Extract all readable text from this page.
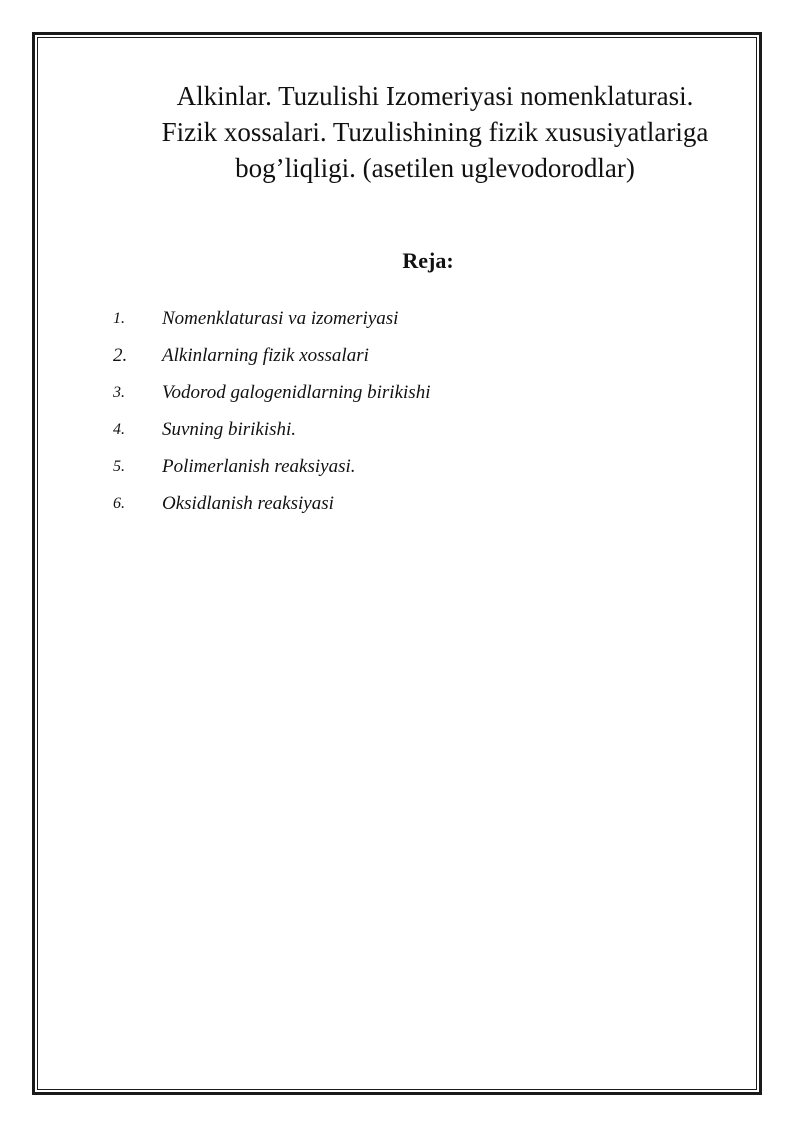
Alkinlar. Tuzulishi Izomeriyasi nomenklaturasi.
Fizik xossalari. Tuzulishining fizik xususiyatlariga
bog’liqligi. (asetilen uglevodorodlar)
Reja:
1.	Nomenklaturasi va izomeriyasi
2.	Alkinlarning fizik xossalari
3.	Vodorod galogenidlarning birikishi
4.	Suvning birikishi.
5.	Polimerlanish reaksiyasi.
6.	Oksidlanish reaksiyasi
